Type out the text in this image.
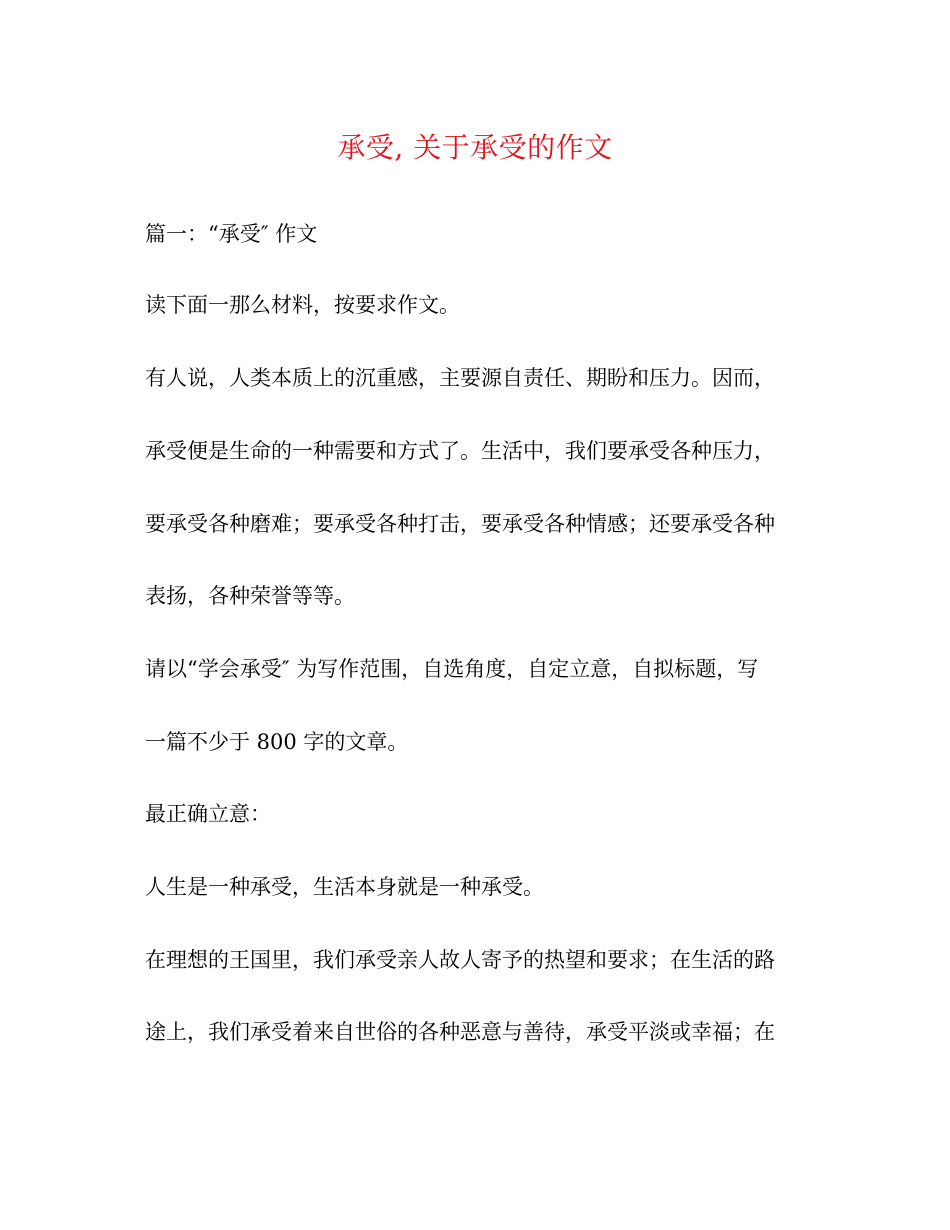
承受, 关于承受的作文
篇一：“承受″ 作文
读下面一那么材料，按要求作文。
有人说，人类本质上的沉重感，主要源自责任、期盼和压力。因而，
承受便是生命的一种需要和方式了。生活中，我们要承受各种压力，
要承受各种磨难；要承受各种打击，要承受各种情感；还要承受各种
表扬，各种荣誉等等。
请以“学会承受″ 为写作范围，自选角度，自定立意，自拟标题，写
一篇不少于 800 字的文章。
最正确立意：
人生是一种承受，生活本身就是一种承受。
在理想的王国里，我们承受亲人故人寄予的热望和要求；在生活的路
途上，我们承受着来自世俗的各种恶意与善待，承受平淡或幸福；在
